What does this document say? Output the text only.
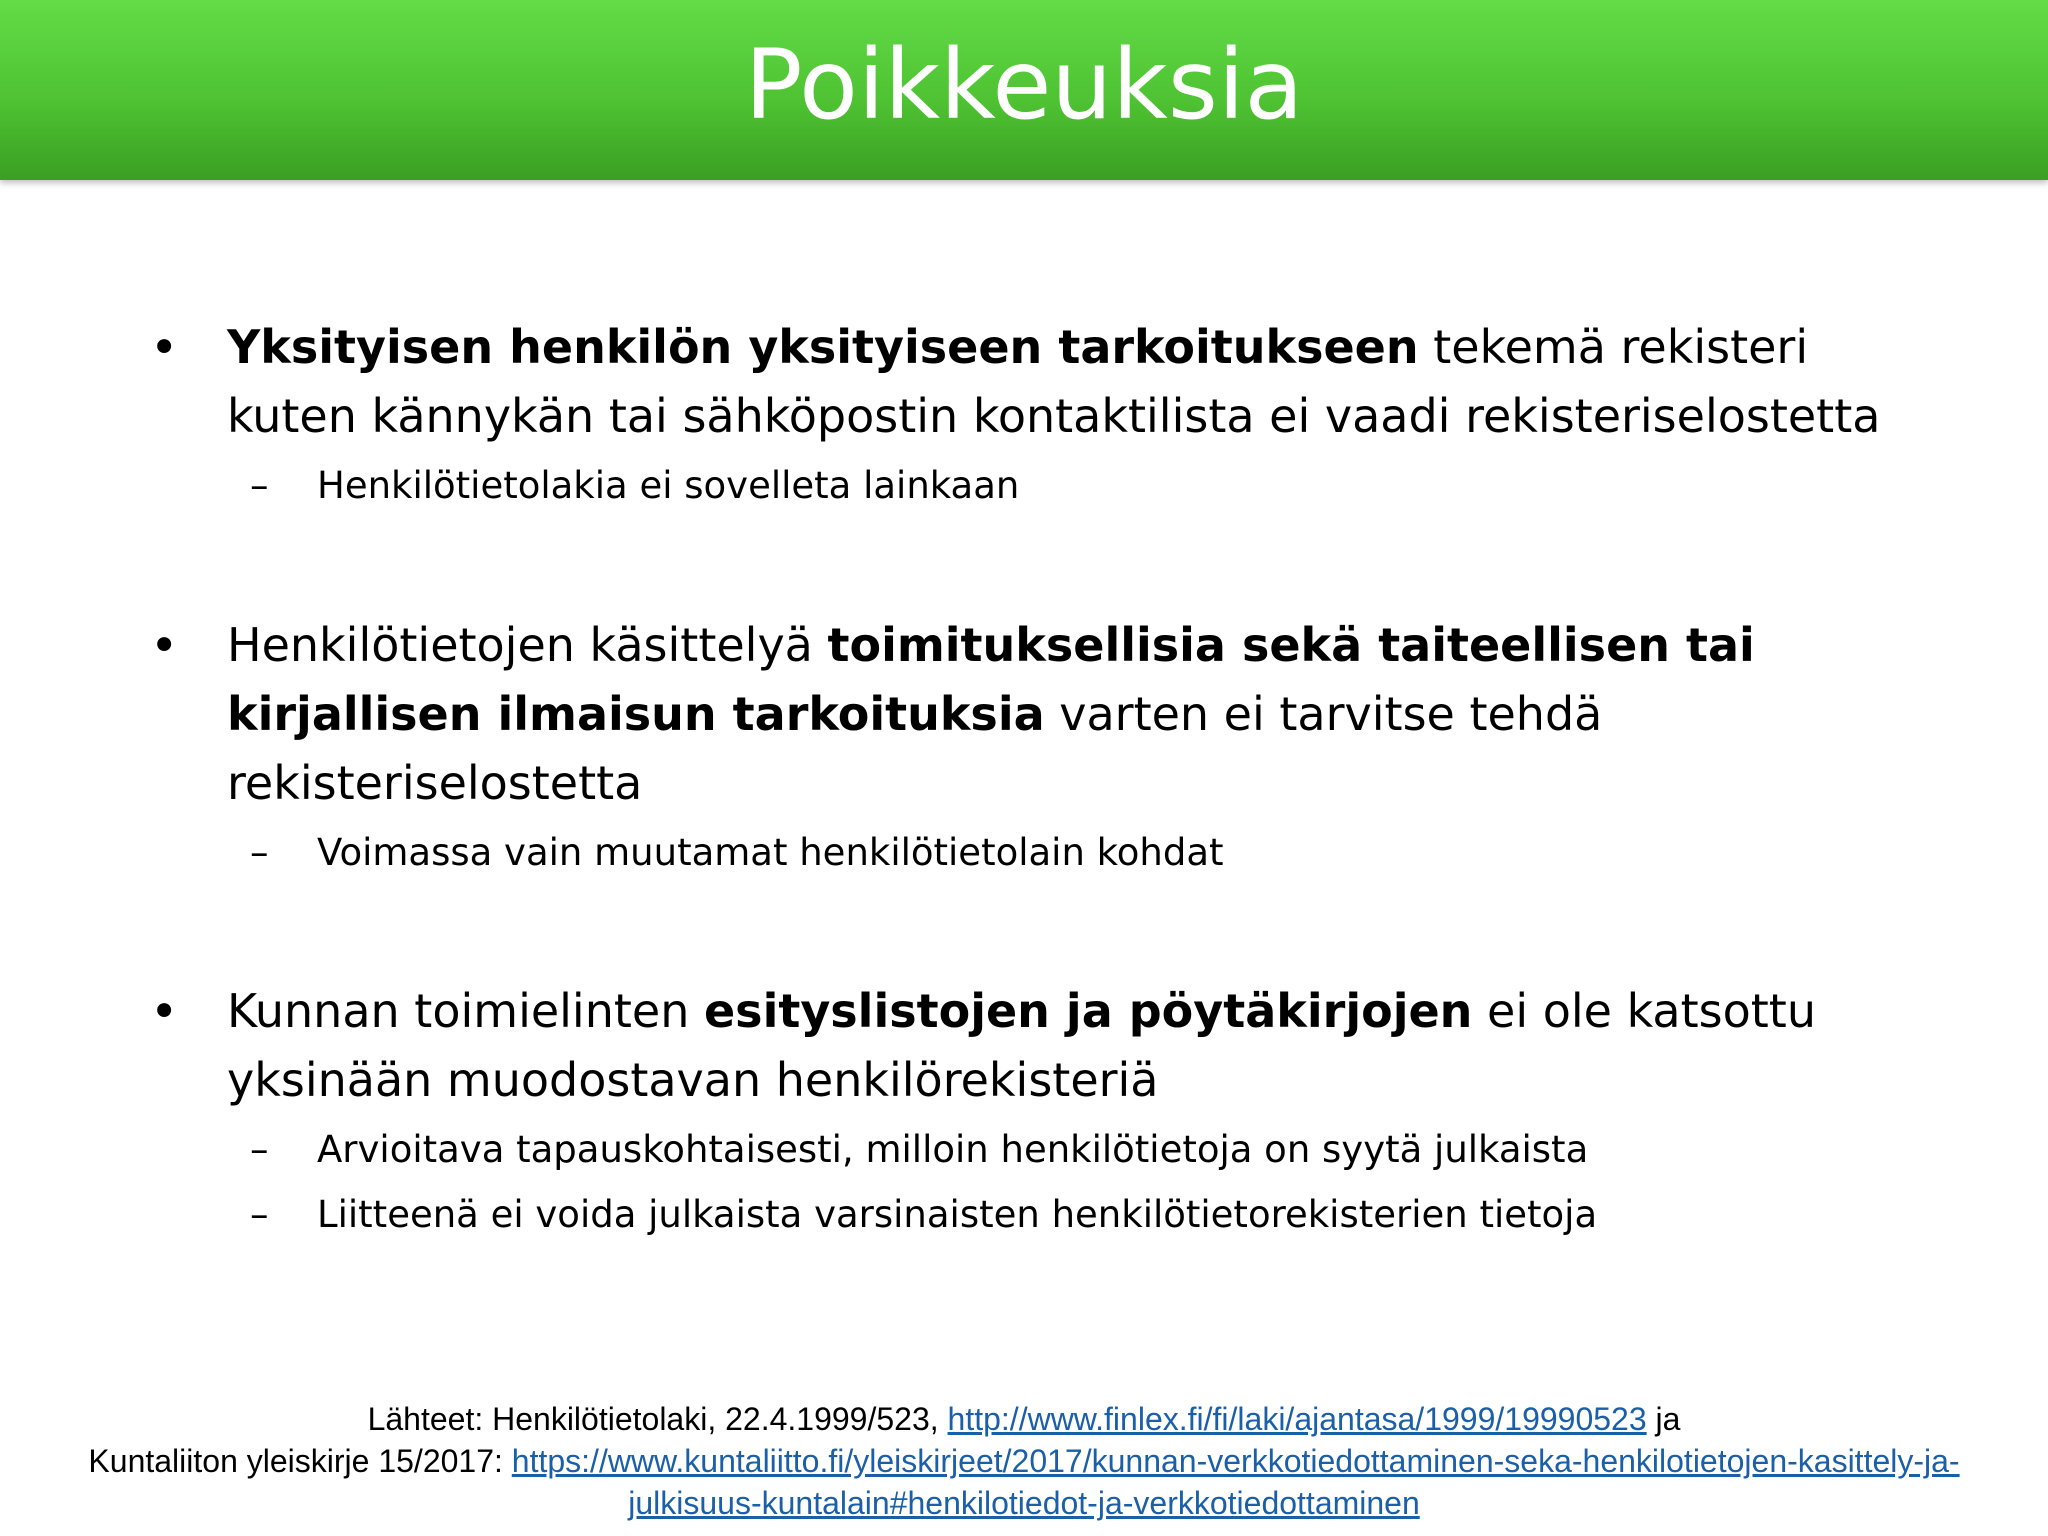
Poikkeuksia
• Yksityisen henkilön yksityiseen tarkoitukseen tekemä rekisteri kuten kännykän tai sähköpostin kontaktilista ei vaadi rekisteriselostetta
– Henkilötietolakia ei sovelleta lainkaan
• Henkilötietojen käsittelyä toimituksellisia sekä taiteellisen tai kirjallisen ilmaisun tarkoituksia varten ei tarvitse tehdä rekisteriselostetta
– Voimassa vain muutamat henkilötietolain kohdat
• Kunnan toimielinten esityslistojen ja pöytäkirjojen ei ole katsottu yksinään muodostavan henkilörekisteriä
– Arvioitava tapauskohtaisesti, milloin henkilötietoja on syytä julkaista
– Liitteenä ei voida julkaista varsinaisten henkilötietorekisterien tietoja
Lähteet: Henkilötietolaki, 22.4.1999/523, http://www.finlex.fi/fi/laki/ajantasa/1999/19990523 ja
Kuntaliiton yleiskirje 15/2017: https://www.kuntaliitto.fi/yleiskirjeet/2017/kunnan-verkkotiedottaminen-seka-henkilotietojen-kasittely-ja-
julkisuus-kuntalain#henkilotiedot-ja-verkkotiedottaminen
